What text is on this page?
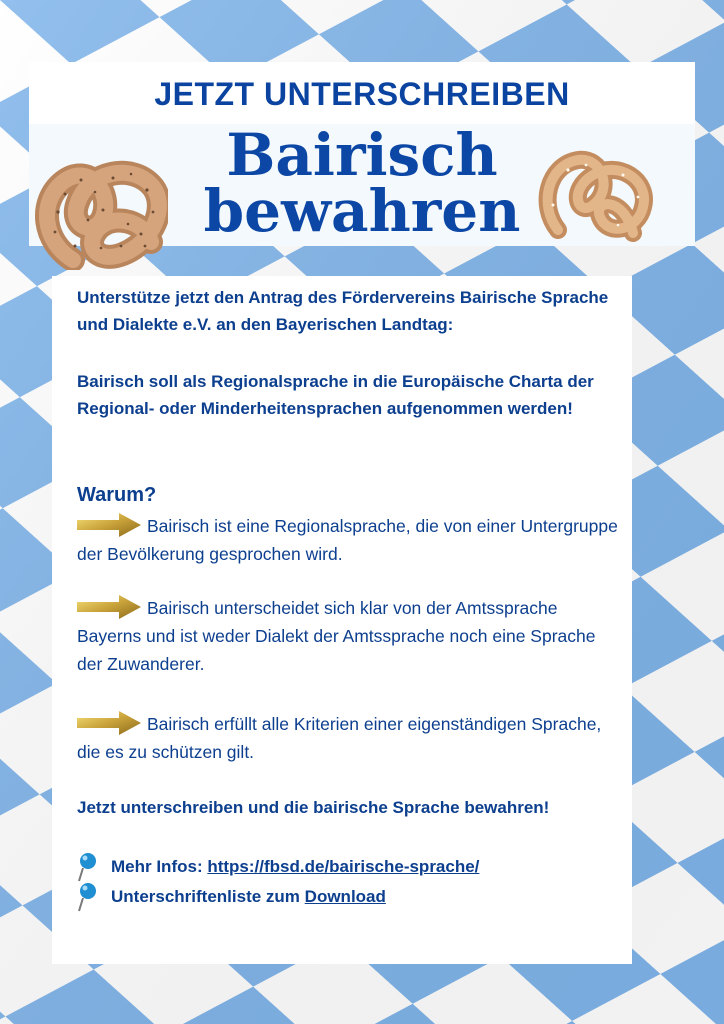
JETZT UNTERSCHREIBEN
Bairisch
bewahren
Unterstütze jetzt den Antrag des Fördervereins Bairische Sprache und Dialekte e.V. an den Bayerischen Landtag:
Bairisch soll als Regionalsprache in die Europäische Charta der Regional- oder Minderheitensprachen aufgenommen werden!
Warum?
Bairisch ist eine Regionalsprache, die von einer Untergruppe der Bevölkerung gesprochen wird.
Bairisch unterscheidet sich klar von der Amtssprache Bayerns und ist weder Dialekt der Amtssprache noch eine Sprache der Zuwanderer.
Bairisch erfüllt alle Kriterien einer eigenständigen Sprache, die es zu schützen gilt.
Jetzt unterschreiben und die bairische Sprache bewahren!
Mehr Infos: https://fbsd.de/bairische-sprache/
Unterschriftenliste zum Download
